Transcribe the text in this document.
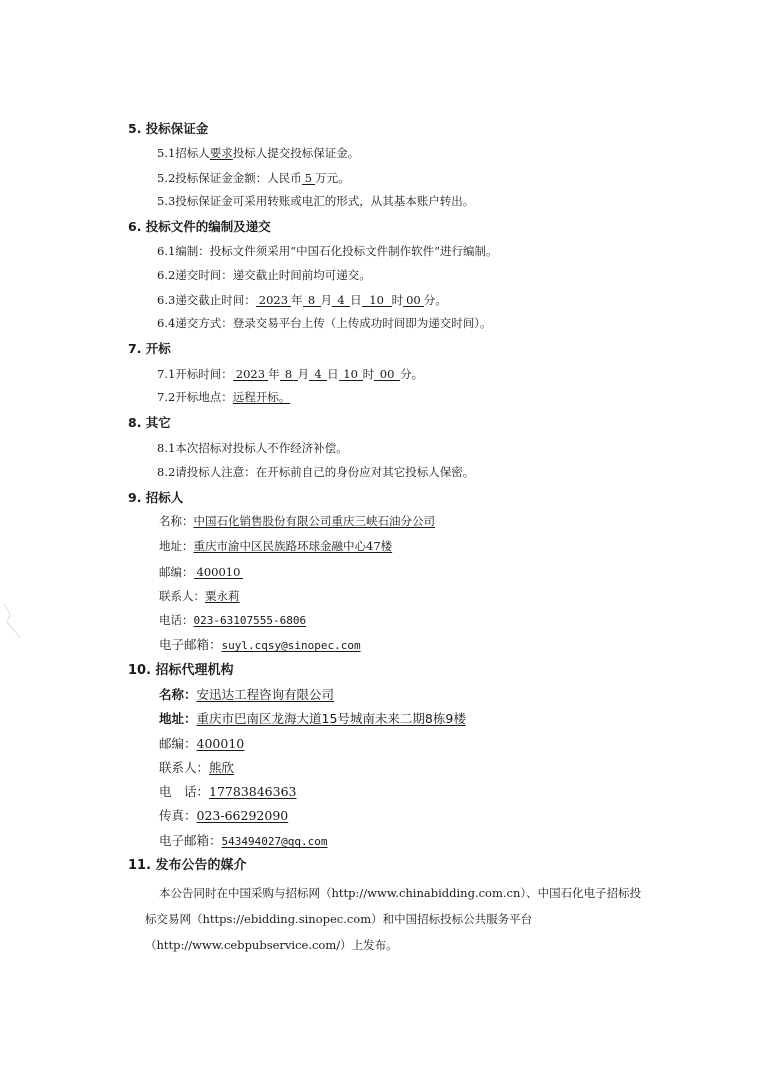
5. 投标保证金
5.1招标人要求投标人提交投标保证金。
5.2投标保证金金额：人民币 5 万元。
5.3投标保证金可采用转账或电汇的形式，从其基本账户转出。
6. 投标文件的编制及递交
6.1编制：投标文件须采用“中国石化投标文件制作软件”进行编制。
6.2递交时间：递交截止时间前均可递交。
6.3递交截止时间： 2023 年 8 月 4 日 10 时 00 分。
6.4递交方式：登录交易平台上传（上传成功时间即为递交时间）。
7. 开标
7.1开标时间： 2023 年 8 月 4 日 10 时 00 分。
7.2开标地点：远程开标。
8. 其它
8.1本次招标对投标人不作经济补偿。
8.2请投标人注意：在开标前自己的身份应对其它投标人保密。
9. 招标人
名称：中国石化销售股份有限公司重庆三峡石油分公司
地址：重庆市渝中区民族路环球金融中心47楼
邮编： 400010
联系人：粟永莉
电话：023-63107555-6806
电子邮箱：suyl.cqsy@sinopec.com
10. 招标代理机构
名称：安迅达工程咨询有限公司
地址：重庆市巴南区龙海大道15号城南未来二期8栋9楼
邮编：400010
联系人：熊欣
电　话：17783846363
传真：023-66292090
电子邮箱：543494027@qq.com
11. 发布公告的媒介
本公告同时在中国采购与招标网（http://www.chinabidding.com.cn）、中国石化电子招标投标交易网（https://ebidding.sinopec.com）和中国招标投标公共服务平台（http://www.cebpubservice.com/）上发布。
